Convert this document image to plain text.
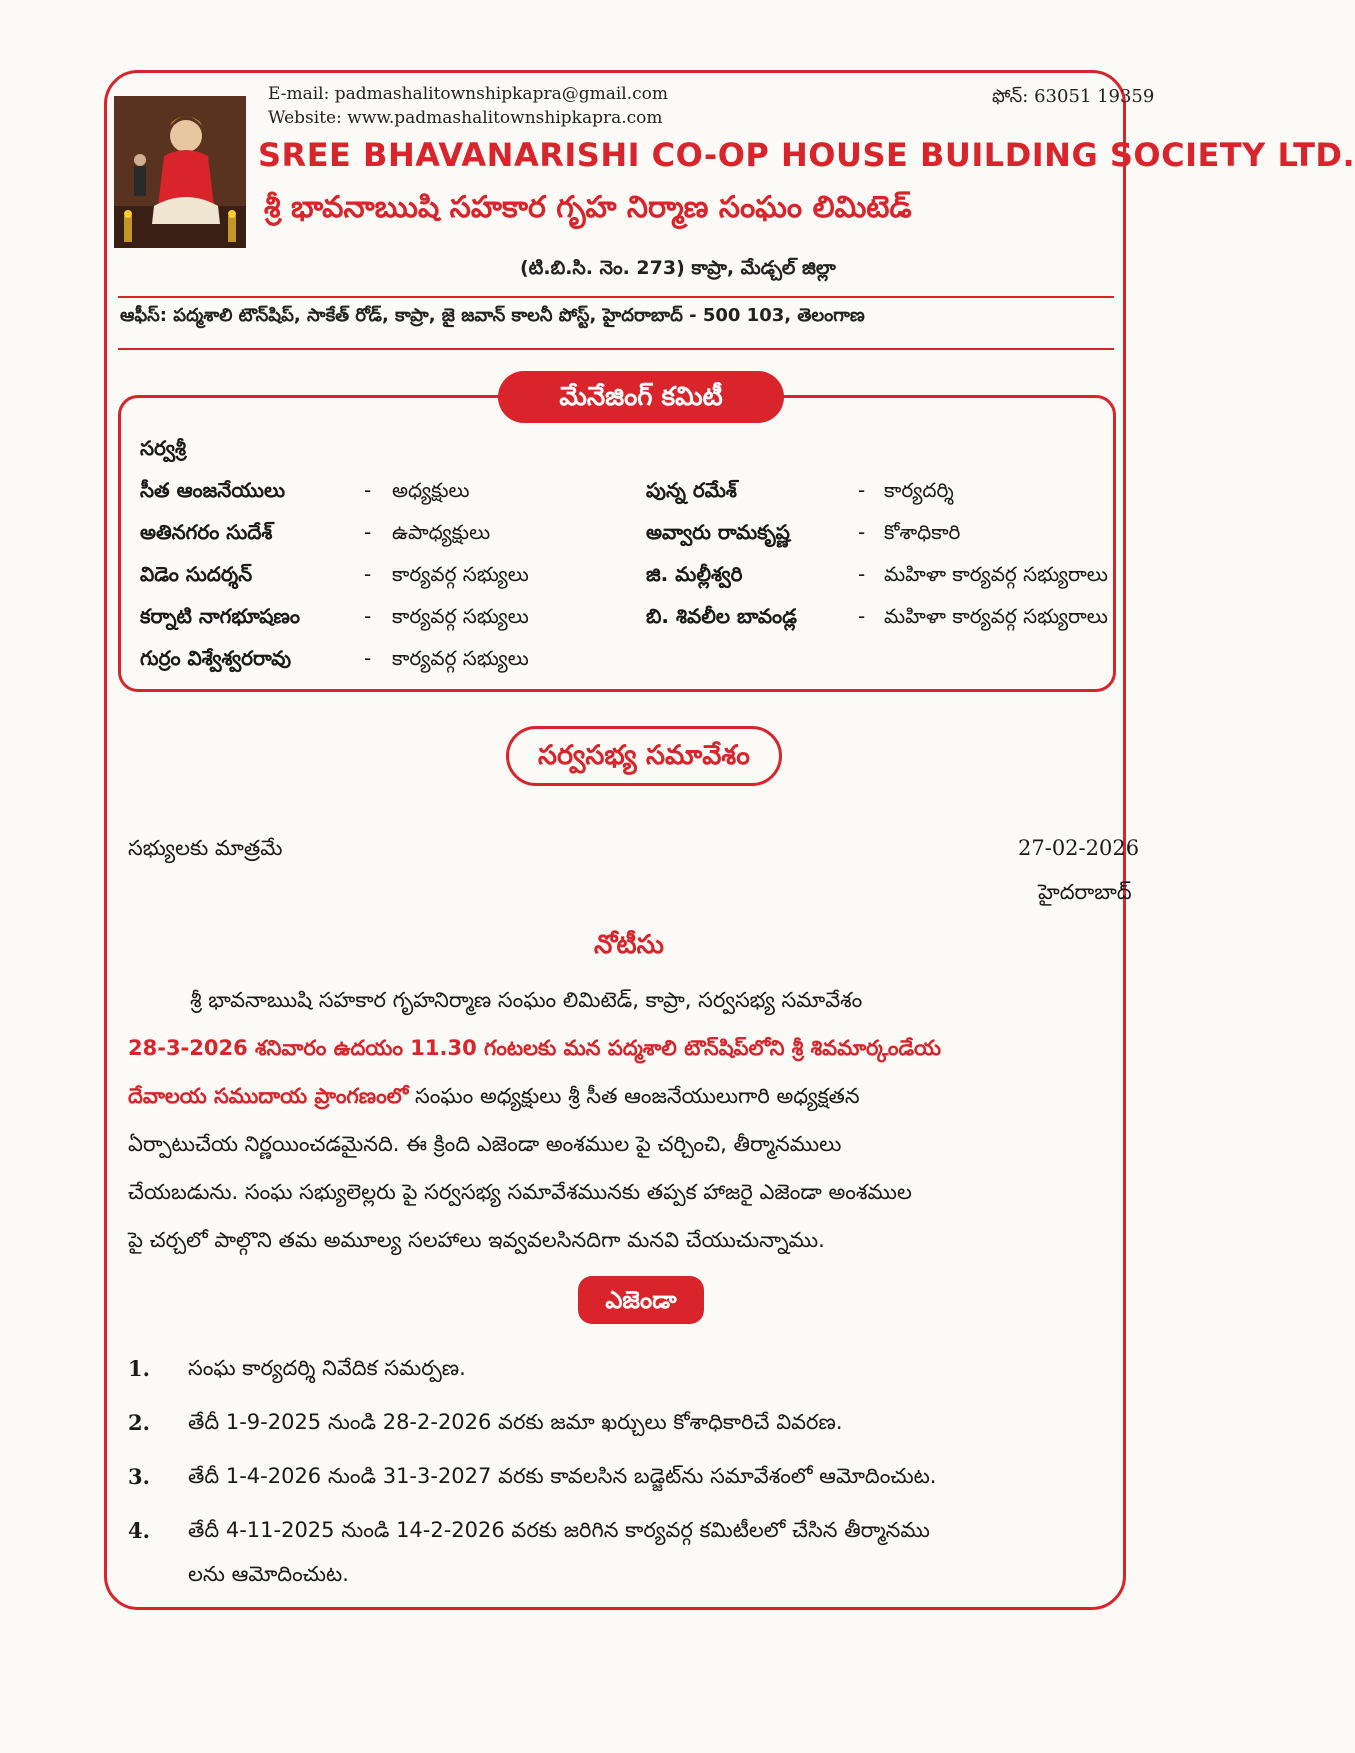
E-mail: padmashalitownshipkapra@gmail.com
Website: www.padmashalitownshipkapra.com
ఫోన్: 63051 19359
SREE BHAVANARISHI CO-OP HOUSE BUILDING SOCIETY LTD.
శ్రీ భావనాఋషి సహకార గృహ నిర్మాణ సంఘం లిమిటెడ్
(టి.బి.సి. నెం. 273) కాప్రా, మేడ్చల్ జిల్లా
ఆఫీస్: పద్మశాలి టౌన్‌షిప్, సాకేత్ రోడ్, కాప్రా, జై జవాన్ కాలనీ పోస్ట్, హైదరాబాద్ - 500 103, తెలంగాణ
మేనేజింగ్ కమిటీ
సర్వశ్రీ
సీత ఆంజనేయులు	- అధ్యక్షులు
అతినగరం సుదేశ్	- ఉపాధ్యక్షులు
విడెం సుదర్శన్	- కార్యవర్గ సభ్యులు
కర్నాటి నాగభూషణం	- కార్యవర్గ సభ్యులు
గుర్రం విశ్వేశ్వరరావు	- కార్యవర్గ సభ్యులు
పున్న రమేశ్	- కార్యదర్శి
అవ్వారు రామకృష్ణ	- కోశాధికారి
జి. మల్లీశ్వరి	- మహిళా కార్యవర్గ సభ్యురాలు
బి. శివలీల బావండ్ల	- మహిళా కార్యవర్గ సభ్యురాలు
సర్వసభ్య సమావేశం
సభ్యులకు మాత్రమే	27-02-2026
హైదరాబాద్
నోటీసు
శ్రీ భావనాఋషి సహకార గృహనిర్మాణ సంఘం లిమిటెడ్, కాప్రా, సర్వసభ్య సమావేశం
28-3-2026 శనివారం ఉదయం 11.30 గంటలకు మన పద్మశాలి టౌన్‌షిప్‌లోని శ్రీ శివమార్కండేయ
దేవాలయ సముదాయ ప్రాంగణంలో సంఘం అధ్యక్షులు శ్రీ సీత ఆంజనేయులుగారి అధ్యక్షతన
ఏర్పాటుచేయ నిర్ణయించడమైనది. ఈ క్రింది ఎజెండా అంశముల పై చర్చించి, తీర్మానములు
చేయబడును. సంఘ సభ్యులెల్లరు పై సర్వసభ్య సమావేశమునకు తప్పక హాజరై ఎజెండా అంశముల
పై చర్చలో పాల్గొని తమ అమూల్య సలహాలు ఇవ్వవలసినదిగా మనవి చేయుచున్నాము.
ఎజెండా
1. సంఘ కార్యదర్శి నివేదిక సమర్పణ.
2. తేదీ 1-9-2025 నుండి 28-2-2026 వరకు జమా ఖర్చులు కోశాధికారిచే వివరణ.
3. తేదీ 1-4-2026 నుండి 31-3-2027 వరకు కావలసిన బడ్జెట్‌ను సమావేశంలో ఆమోదించుట.
4. తేదీ 4-11-2025 నుండి 14-2-2026 వరకు జరిగిన కార్యవర్గ కమిటీలలో చేసిన తీర్మానము
లను ఆమోదించుట.
